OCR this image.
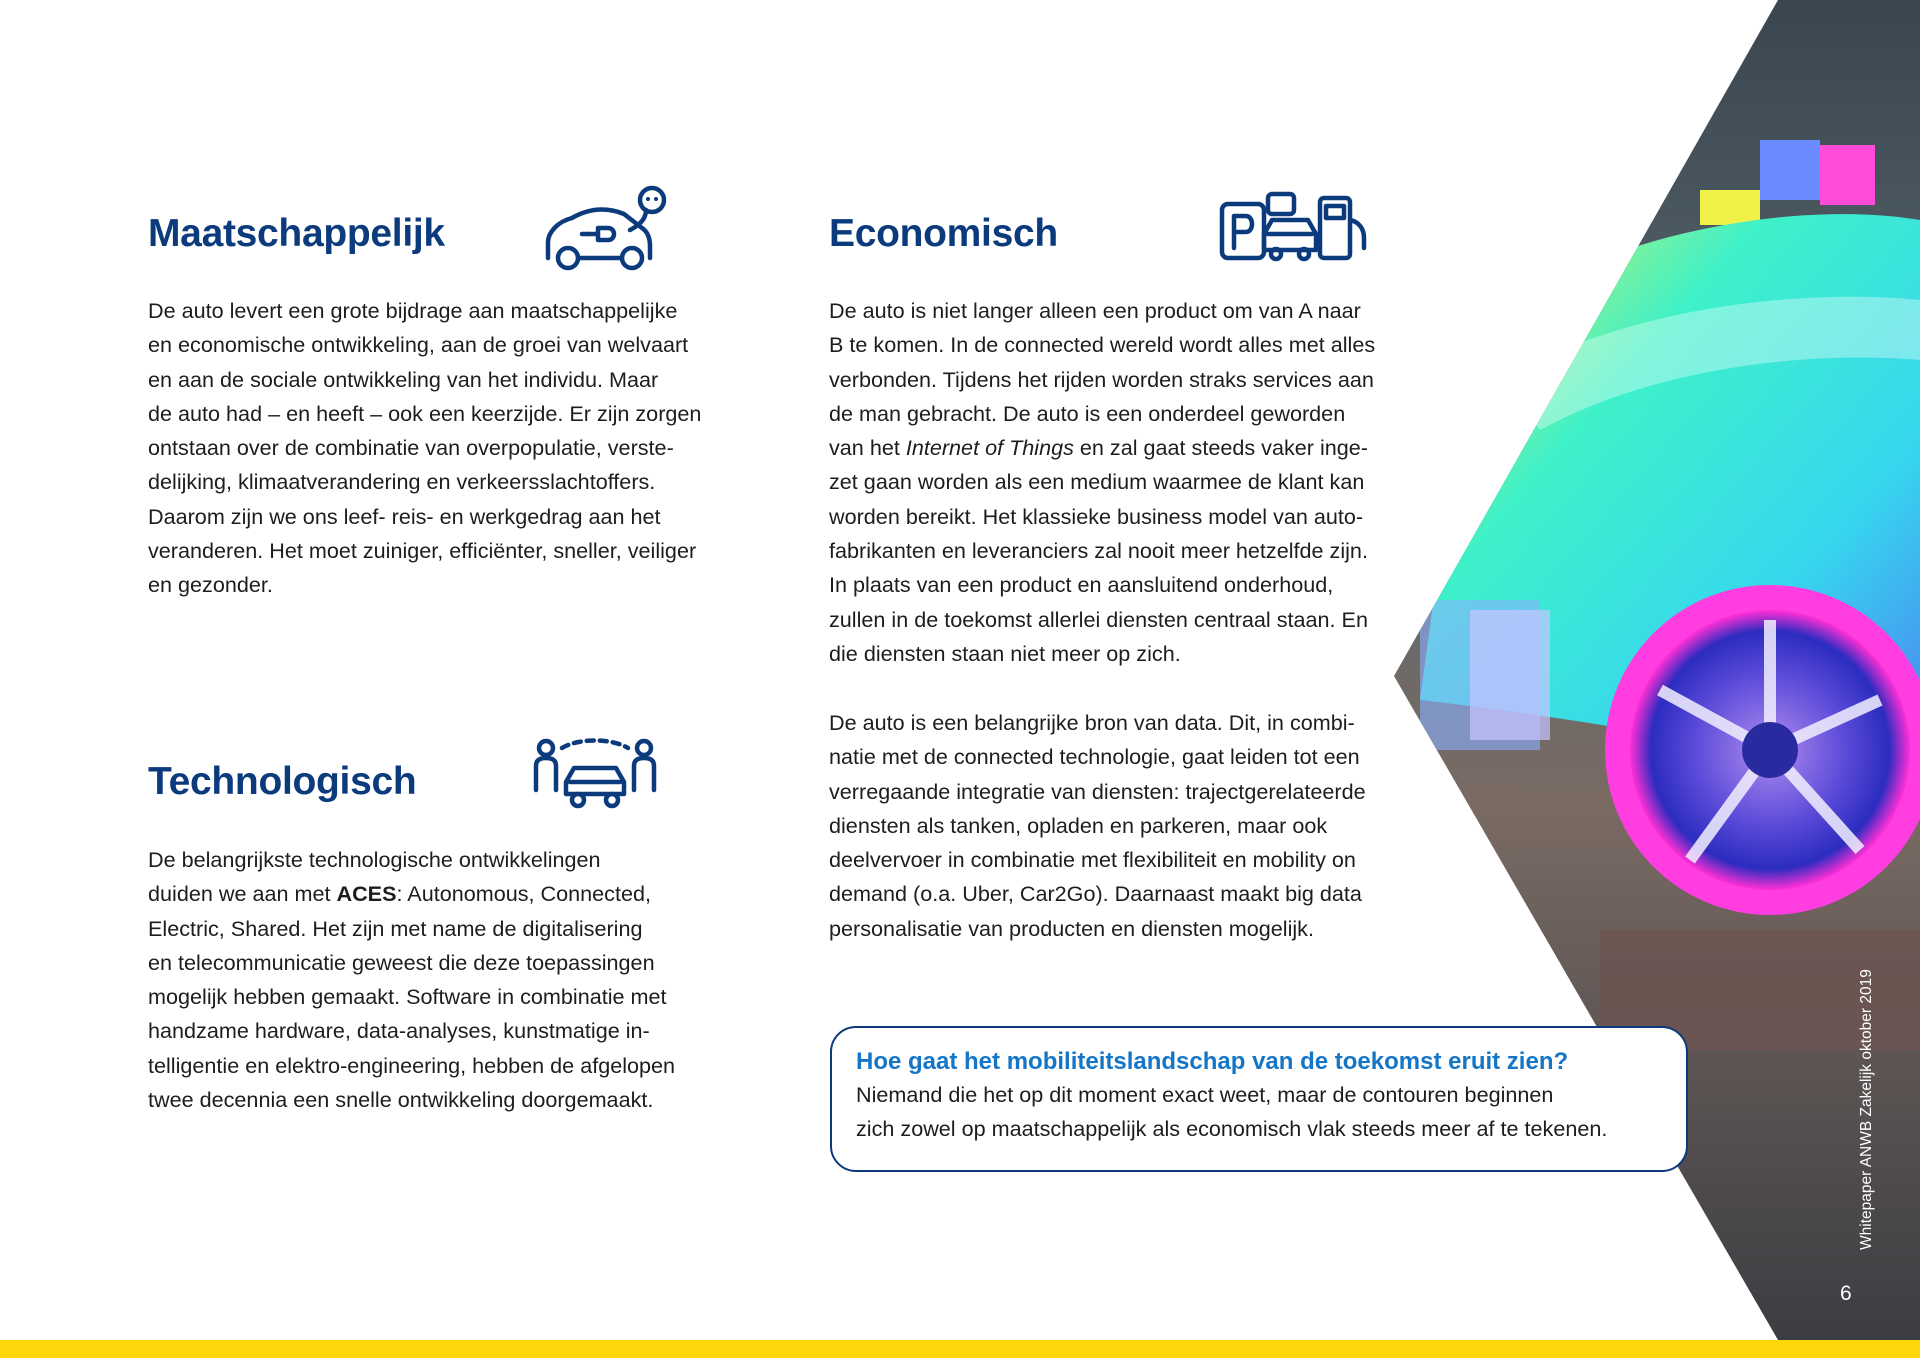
Maatschappelijk
De auto levert een grote bijdrage aan maatschappelijke
en economische ontwikkeling, aan de groei van welvaart
en aan de sociale ontwikkeling van het individu. Maar
de auto had – en heeft – ook een keerzijde. Er zijn zorgen
ontstaan over de combinatie van overpopulatie, verste-
delijking, klimaatverandering en verkeersslachtoffers.
Daarom zijn we ons leef- reis- en werkgedrag aan het
veranderen. Het moet zuiniger, efficiënter, sneller, veiliger
en gezonder.
Technologisch
De belangrijkste technologische ontwikkelingen
duiden we aan met ACES: Autonomous, Connected,
Electric, Shared. Het zijn met name de digitalisering
en telecommunicatie geweest die deze toepassingen
mogelijk hebben gemaakt. Software in combinatie met
handzame hardware, data-analyses, kunstmatige in-
telligentie en elektro-engineering, hebben de afgelopen
twee decennia een snelle ontwikkeling doorgemaakt.
Economisch
De auto is niet langer alleen een product om van A naar
B te komen. In de connected wereld wordt alles met alles
verbonden. Tijdens het rijden worden straks services aan
de man gebracht. De auto is een onderdeel geworden
van het Internet of Things en zal gaat steeds vaker inge-
zet gaan worden als een medium waarmee de klant kan
worden bereikt. Het klassieke business model van auto-
fabrikanten en leveranciers zal nooit meer hetzelfde zijn.
In plaats van een product en aansluitend onderhoud,
zullen in de toekomst allerlei diensten centraal staan. En
die diensten staan niet meer op zich.
De auto is een belangrijke bron van data. Dit, in combi-
natie met de connected technologie, gaat leiden tot een
verregaande integratie van diensten: trajectgerelateerde
diensten als tanken, opladen en parkeren, maar ook
deelvervoer in combinatie met flexibiliteit en mobility on
demand (o.a. Uber, Car2Go). Daarnaast maakt big data
personalisatie van producten en diensten mogelijk.
Hoe gaat het mobiliteitslandschap van de toekomst eruit zien?
Niemand die het op dit moment exact weet, maar de contouren beginnen
zich zowel op maatschappelijk als economisch vlak steeds meer af te tekenen.	Whitepaper ANWB Zakelijk oktober 2019
6
